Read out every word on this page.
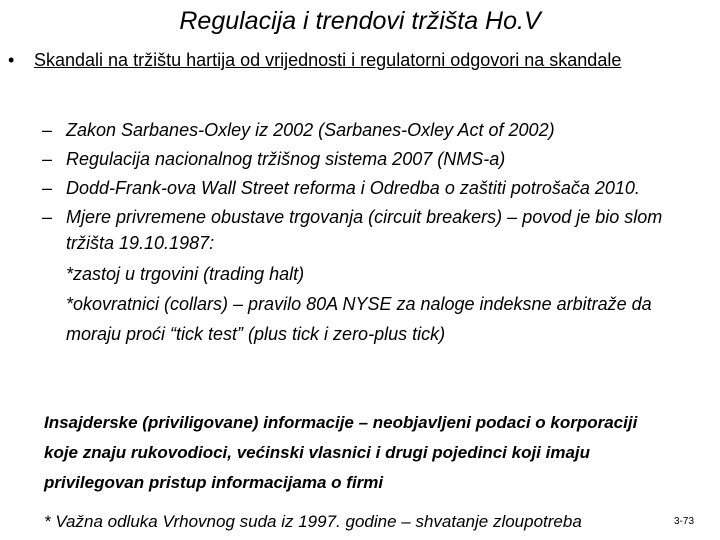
Regulacija i trendovi tržišta Ho.V
• Skandali na tržištu hartija od vrijednosti i regulatorni odgovori na skandale
– Zakon Sarbanes-Oxley iz 2002 (Sarbanes-Oxley Act of 2002)
– Regulacija nacionalnog tržišnog sistema 2007 (NMS-a)
– Dodd-Frank-ova Wall Street reforma i Odredba o zaštiti potrošača 2010.
– Mjere privremene obustave trgovanja (circuit breakers) – povod je bio slom tržišta 19.10.1987:
*zastoj u trgovini (trading halt)
*okovratnici (collars) – pravilo 80A NYSE za naloge indeksne arbitraže da moraju proći “tick test” (plus tick i zero-plus tick)
Insajderske (priviligovane) informacije – neobjavljeni podaci o korporaciji koje znaju rukovodioci, većinski vlasnici i drugi pojedinci koji imaju privilegovan pristup informacijama o firmi
* Važna odluka Vrhovnog suda iz 1997. godine – shvatanje zloupotreba	3-73
